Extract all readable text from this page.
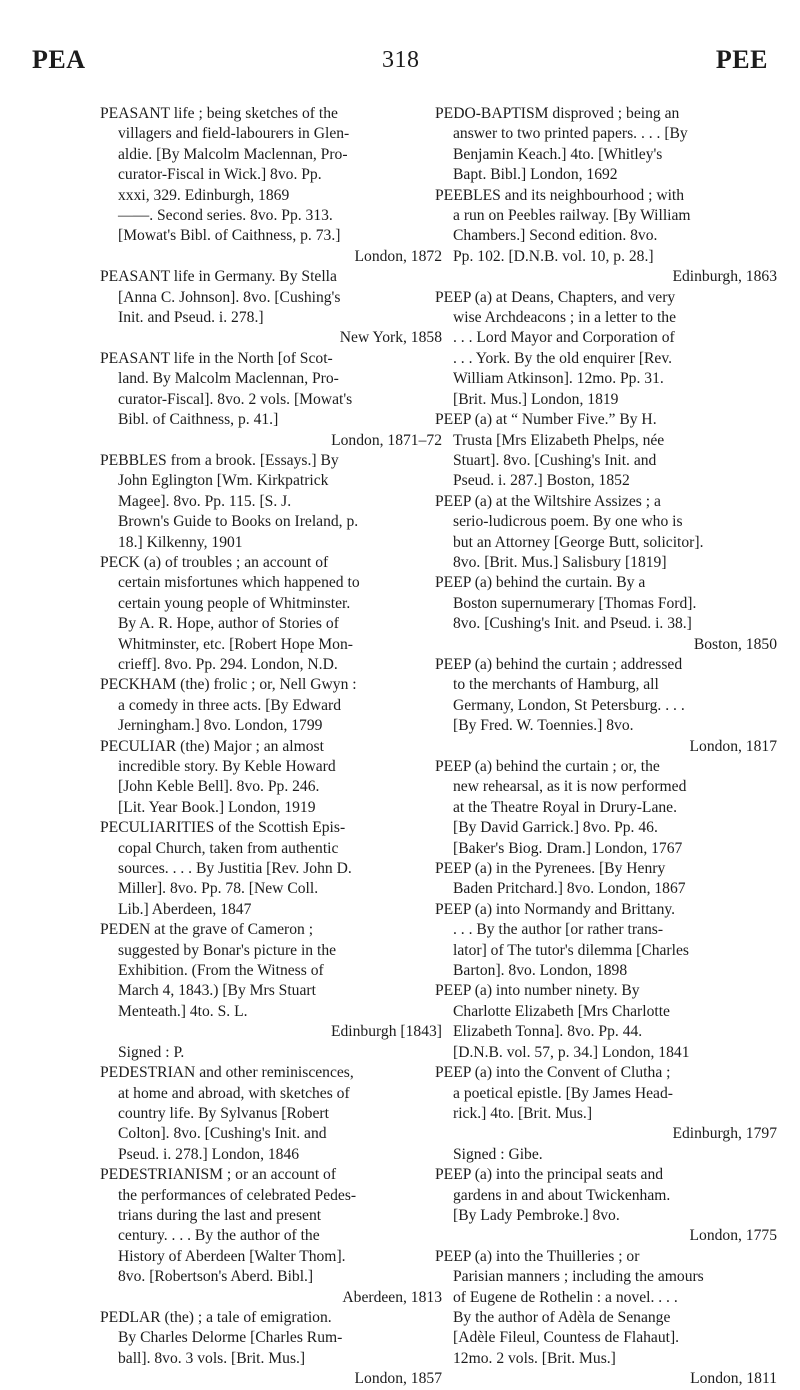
PEA	318	PEE
PEASANT life ; being sketches of the
villagers and field-labourers in Glen-
aldie. [By Malcolm Maclennan, Pro-
curator-Fiscal in Wick.] 8vo. Pp.
xxxi, 329. Edinburgh, 1869
——. Second series. 8vo. Pp. 313.
[Mowat's Bibl. of Caithness, p. 73.]
London, 1872
PEASANT life in Germany. By Stella
[Anna C. Johnson]. 8vo. [Cushing's
Init. and Pseud. i. 278.]
New York, 1858
PEASANT life in the North [of Scot-
land. By Malcolm Maclennan, Pro-
curator-Fiscal]. 8vo. 2 vols. [Mowat's
Bibl. of Caithness, p. 41.]
London, 1871–72
PEBBLES from a brook. [Essays.] By
John Eglington [Wm. Kirkpatrick
Magee]. 8vo. Pp. 115. [S. J.
Brown's Guide to Books on Ireland, p.
18.] Kilkenny, 1901
PECK (a) of troubles ; an account of
certain misfortunes which happened to
certain young people of Whitminster.
By A. R. Hope, author of Stories of
Whitminster, etc. [Robert Hope Mon-
crieff]. 8vo. Pp. 294. London, N.D.
PECKHAM (the) frolic ; or, Nell Gwyn :
a comedy in three acts. [By Edward
Jerningham.] 8vo. London, 1799
PECULIAR (the) Major ; an almost
incredible story. By Keble Howard
[John Keble Bell]. 8vo. Pp. 246.
[Lit. Year Book.] London, 1919
PECULIARITIES of the Scottish Epis-
copal Church, taken from authentic
sources. . . . By Justitia [Rev. John D.
Miller]. 8vo. Pp. 78. [New Coll.
Lib.] Aberdeen, 1847
PEDEN at the grave of Cameron ;
suggested by Bonar's picture in the
Exhibition. (From the Witness of
March 4, 1843.) [By Mrs Stuart
Menteath.] 4to. S. L.
Edinburgh [1843]
Signed : P.
PEDESTRIAN and other reminiscences,
at home and abroad, with sketches of
country life. By Sylvanus [Robert
Colton]. 8vo. [Cushing's Init. and
Pseud. i. 278.] London, 1846
PEDESTRIANISM ; or an account of
the performances of celebrated Pedes-
trians during the last and present
century. . . . By the author of the
History of Aberdeen [Walter Thom].
8vo. [Robertson's Aberd. Bibl.]
Aberdeen, 1813
PEDLAR (the) ; a tale of emigration.
By Charles Delorme [Charles Rum-
ball]. 8vo. 3 vols. [Brit. Mus.]
London, 1857
PEDO-BAPTISM disproved ; being an
answer to two printed papers. . . . [By
Benjamin Keach.] 4to. [Whitley's
Bapt. Bibl.] London, 1692
PEEBLES and its neighbourhood ; with
a run on Peebles railway. [By William
Chambers.] Second edition. 8vo.
Pp. 102. [D.N.B. vol. 10, p. 28.]
Edinburgh, 1863
PEEP (a) at Deans, Chapters, and very
wise Archdeacons ; in a letter to the
. . . Lord Mayor and Corporation of
. . . York. By the old enquirer [Rev.
William Atkinson]. 12mo. Pp. 31.
[Brit. Mus.] London, 1819
PEEP (a) at “ Number Five.” By H.
Trusta [Mrs Elizabeth Phelps, née
Stuart]. 8vo. [Cushing's Init. and
Pseud. i. 287.] Boston, 1852
PEEP (a) at the Wiltshire Assizes ; a
serio-ludicrous poem. By one who is
but an Attorney [George Butt, solicitor].
8vo. [Brit. Mus.] Salisbury [1819]
PEEP (a) behind the curtain. By a
Boston supernumerary [Thomas Ford].
8vo. [Cushing's Init. and Pseud. i. 38.]
Boston, 1850
PEEP (a) behind the curtain ; addressed
to the merchants of Hamburg, all
Germany, London, St Petersburg. . . .
[By Fred. W. Toennies.] 8vo.
London, 1817
PEEP (a) behind the curtain ; or, the
new rehearsal, as it is now performed
at the Theatre Royal in Drury-Lane.
[By David Garrick.] 8vo. Pp. 46.
[Baker's Biog. Dram.] London, 1767
PEEP (a) in the Pyrenees. [By Henry
Baden Pritchard.] 8vo. London, 1867
PEEP (a) into Normandy and Brittany.
. . . By the author [or rather trans-
lator] of The tutor's dilemma [Charles
Barton]. 8vo. London, 1898
PEEP (a) into number ninety. By
Charlotte Elizabeth [Mrs Charlotte
Elizabeth Tonna]. 8vo. Pp. 44.
[D.N.B. vol. 57, p. 34.] London, 1841
PEEP (a) into the Convent of Clutha ;
a poetical epistle. [By James Head-
rick.] 4to. [Brit. Mus.]
Edinburgh, 1797
Signed : Gibe.
PEEP (a) into the principal seats and
gardens in and about Twickenham.
[By Lady Pembroke.] 8vo.
London, 1775
PEEP (a) into the Thuilleries ; or
Parisian manners ; including the amours
of Eugene de Rothelin : a novel. . . .
By the author of Adèla de Senange
[Adèle Fileul, Countess de Flahaut].
12mo. 2 vols. [Brit. Mus.]
London, 1811
